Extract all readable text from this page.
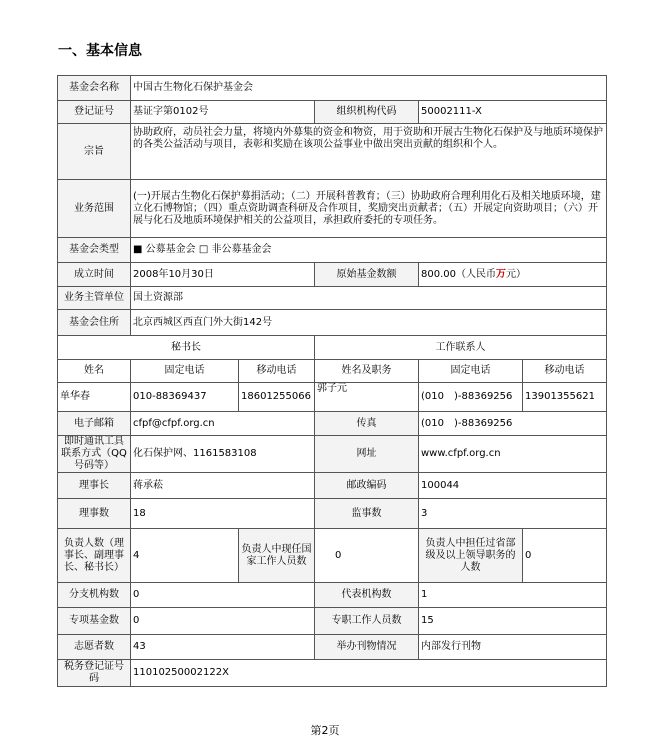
一、基本信息
基金会名称	中国古生物化石保护基金会				
登记证号	基证字第0102号		组织机构代码	50002111-X	
宗旨	协助政府，动员社会力量，将境内外募集的资金和物资，用于资助和开展古生物化石保护及与地质环境保护的各类公益活动与项目，表彰和奖励在该项公益事业中做出突出贡献的组织和个人。				
业务范围	(一)开展古生物化石保护募捐活动；（二）开展科普教育；（三）协助政府合理利用化石及相关地质环境，建立化石博物馆；（四）重点资助调查科研及合作项目，奖励突出贡献者；（五）开展定向资助项目；（六）开展与化石及地质环境保护相关的公益项目，承担政府委托的专项任务。				
基金会类型	■ 公募基金会 □ 非公募基金会				
成立时间	2008年10月30日		原始基金数额	800.00（人民币万元）	
业务主管单位	国土资源部				
基金会住所	北京西城区西直门外大街142号				
秘书长			工作联系人		
姓名	固定电话	移动电话	姓名及职务	固定电话	移动电话
单华春	010-88369437	18601255066	郭子元	(010　)-88369256	13901355621
电子邮箱	cfpf@cfpf.org.cn		传真	(010　)-88369256	
即时通讯工具联系方式（QQ号码等）	化石保护网、1161583108		网址	www.cfpf.org.cn	
理事长	蒋承菘		邮政编码	100044	
理事数	18		监事数	3	
负责人数（理事长、副理事长、秘书长）	4	负责人中现任国家工作人员数	0	负责人中担任过省部级及以上领导职务的人数	0
分支机构数	0		代表机构数	1	
专项基金数	0		专职工作人员数	15	
志愿者数	43		举办刊物情况	内部发行刊物	
税务登记证号码	11010250002122X				
第2页
